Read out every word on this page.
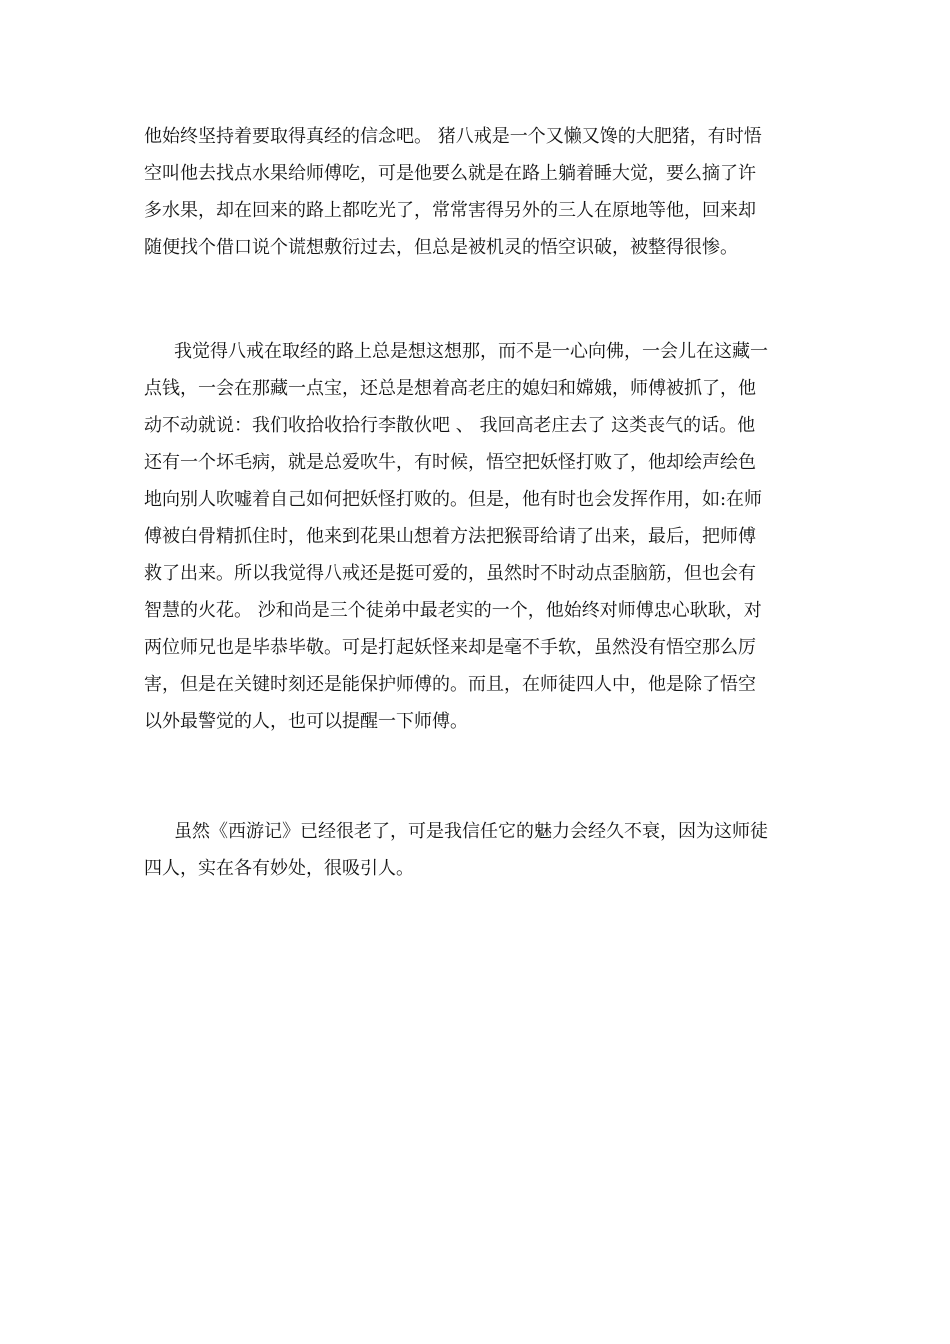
他始终坚持着要取得真经的信念吧。 猪八戒是一个又懒又馋的大肥猪，有时悟
空叫他去找点水果给师傅吃，可是他要么就是在路上躺着睡大觉，要么摘了许
多水果，却在回来的路上都吃光了，常常害得另外的三人在原地等他，回来却
随便找个借口说个谎想敷衍过去，但总是被机灵的悟空识破，被整得很惨。
我觉得八戒在取经的路上总是想这想那，而不是一心向佛，一会儿在这藏一
点钱，一会在那藏一点宝，还总是想着高老庄的媳妇和嫦娥，师傅被抓了，他
动不动就说：我们收拾收拾行李散伙吧 、 我回高老庄去了 这类丧气的话。他
还有一个坏毛病，就是总爱吹牛，有时候，悟空把妖怪打败了，他却绘声绘色
地向别人吹嘘着自己如何把妖怪打败的。但是，他有时也会发挥作用，如:在师
傅被白骨精抓住时，他来到花果山想着方法把猴哥给请了出来，最后，把师傅
救了出来。所以我觉得八戒还是挺可爱的，虽然时不时动点歪脑筋，但也会有
智慧的火花。 沙和尚是三个徒弟中最老实的一个，他始终对师傅忠心耿耿，对
两位师兄也是毕恭毕敬。可是打起妖怪来却是毫不手软，虽然没有悟空那么厉
害，但是在关键时刻还是能保护师傅的。而且，在师徒四人中，他是除了悟空
以外最警觉的人，也可以提醒一下师傅。
虽然《西游记》已经很老了，可是我信任它的魅力会经久不衰，因为这师徒
四人，实在各有妙处，很吸引人。
